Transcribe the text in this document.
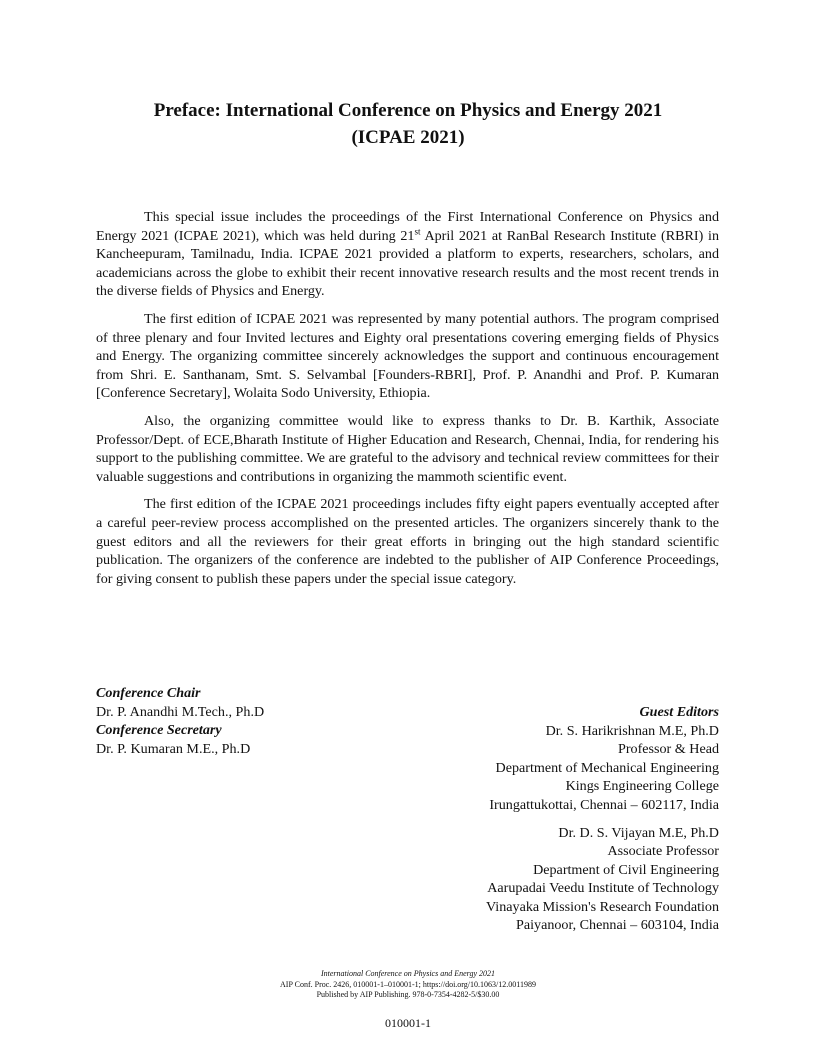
Preface: International Conference on Physics and Energy 2021
(ICPAE 2021)

This special issue includes the proceedings of the First International Conference on Physics and Energy 2021 (ICPAE 2021), which was held during 21st April 2021 at RanBal Research Institute (RBRI) in Kancheepuram, Tamilnadu, India. ICPAE 2021 provided a platform to experts, researchers, scholars, and academicians across the globe to exhibit their recent innovative research results and the most recent trends in the diverse fields of Physics and Energy.

The first edition of ICPAE 2021 was represented by many potential authors. The program comprised of three plenary and four Invited lectures and Eighty oral presentations covering emerging fields of Physics and Energy. The organizing committee sincerely acknowledges the support and continuous encouragement from Shri. E. Santhanam, Smt. S. Selvambal [Founders-RBRI], Prof. P. Anandhi and Prof. P. Kumaran [Conference Secretary], Wolaita Sodo University, Ethiopia.

Also, the organizing committee would like to express thanks to Dr. B. Karthik, Associate Professor/Dept. of ECE,Bharath Institute of Higher Education and Research, Chennai, India, for rendering his support to the publishing committee. We are grateful to the advisory and technical review committees for their valuable suggestions and contributions in organizing the mammoth scientific event.

The first edition of the ICPAE 2021 proceedings includes fifty eight papers eventually accepted after a careful peer-review process accomplished on the presented articles. The organizers sincerely thank to the guest editors and all the reviewers for their great efforts in bringing out the high standard scientific publication. The organizers of the conference are indebted to the publisher of AIP Conference Proceedings, for giving consent to publish these papers under the special issue category.

Conference Chair
Dr. P. Anandhi M.Tech., Ph.D
Conference Secretary
Dr. P. Kumaran M.E., Ph.D
Guest Editors
Dr. S. Harikrishnan M.E, Ph.D
Professor & Head
Department of Mechanical Engineering
Kings Engineering College
Irungattukottai, Chennai – 602117, India
Dr. D. S. Vijayan M.E, Ph.D
Associate Professor
Department of Civil Engineering
Aarupadai Veedu Institute of Technology
Vinayaka Mission's Research Foundation
Paiyanoor, Chennai – 603104, India
International Conference on Physics and Energy 2021
AIP Conf. Proc. 2426, 010001-1–010001-1; https://doi.org/10.1063/12.0011989
Published by AIP Publishing. 978-0-7354-4282-5/$30.00
010001-1
